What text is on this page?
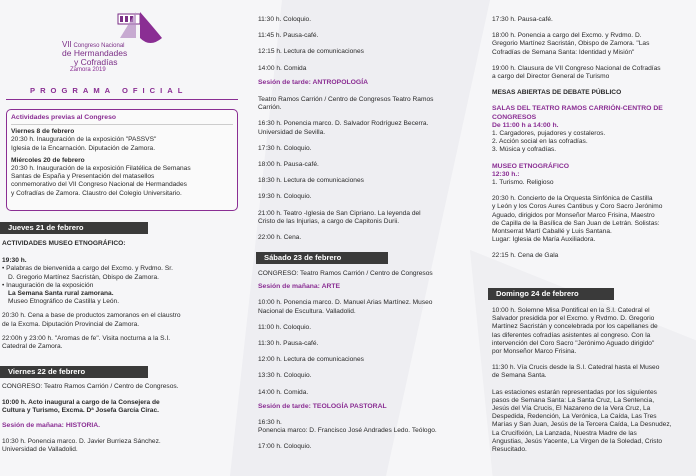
VII Congreso Nacional
de Hermandades
y Cofradías
Zamora 2019
PROGRAMA OFICIAL

Actividades previas al Congreso

Viernes 8 de febrero

20:30 h. Inauguración de la exposición "PASSVS"

Iglesia de la Encarnación. Diputación de Zamora.

Miércoles 20 de febrero

20:30 h. Inauguración de la exposición Filatélica de Semanas

Santas de España y Presentación del matasellos

conmemorativo del VII Congreso Nacional de Hermandades

y Cofradías de Zamora. Claustro del Colegio Universitario.

Jueves 21 de febrero

ACTIVIDADES MUSEO ETNOGRÁFICO:

19:30 h.

• Palabras de bienvenida a cargo del Excmo. y Rvdmo. Sr.

D. Gregorio Martínez Sacristán, Obispo de Zamora.

• Inauguración de la exposición

La Semana Santa rural zamorana.

Museo Etnográfico de Castilla y León.

20:30 h. Cena a base de productos zamoranos en el claustro

de la Excma. Diputación Provincial de Zamora.

22:00h y 23:00 h. "Aromas de fe". Visita nocturna a la S.I.

Catedral de Zamora.

Viernes 22 de febrero

CONGRESO: Teatro Ramos Carrión / Centro de Congresos.

10:00 h. Acto inaugural a cargo de la Consejera de

Cultura y Turismo, Excma. Dª Josefa García Cirac.

Sesión de mañana: HISTORIA.

10:30 h. Ponencia marco. D. Javier Burrieza Sánchez.

Universidad de Valladolid.

11:30 h. Coloquio.

11:45 h. Pausa-café.

12:15 h. Lectura de comunicaciones

14:00 h. Comida

Sesión de tarde: ANTROPOLOGÍA

Teatro Ramos Carrión / Centro de Congresos Teatro Ramos

Carrión.

16:30 h. Ponencia marco. D. Salvador Rodríguez Becerra.

Universidad de Sevilla.

17:30 h. Coloquio.

18:00 h. Pausa-café.

18:30 h. Lectura de comunicaciones

19:30 h. Coloquio.

21:00 h. Teatro -Iglesia de San Cipriano. La leyenda del

Cristo de las Injurias, a cargo de Capitonis Durii.

22:00 h. Cena.

Sábado 23 de febrero

CONGRESO: Teatro Ramos Carrión / Centro de Congresos

Sesión de mañana: ARTE

10:00 h. Ponencia marco. D. Manuel Arias Martínez. Museo

Nacional de Escultura. Valladolid.

11:00 h. Coloquio.

11:30 h. Pausa-café.

12:00 h. Lectura de comunicaciones

13:30 h. Coloquio.

14:00 h. Comida.

Sesión de tarde: TEOLOGÍA PASTORAL

16:30 h.

Ponencia marco: D. Francisco José Andrades Ledo. Teólogo.

17:00 h. Coloquio.

17:30 h. Pausa-café.

18:00 h. Ponencia a cargo del Excmo. y Rvdmo. D.

Gregorio Martínez Sacristán, Obispo de Zamora. "Las

Cofradías de Semana Santa: Identidad y Misión"

19:00 h. Clausura de VII Congreso Nacional de Cofradías

a cargo del Director General de Turismo

MESAS ABIERTAS DE DEBATE PÚBLICO

SALAS DEL TEATRO RAMOS CARRIÓN-CENTRO DE

CONGRESOS

De 11:00 h a 14:00 h.

1. Cargadores, pujadores y costaleros.

2. Acción social en las cofradías.

3. Música y cofradías.

MUSEO ETNOGRÁFICO

12:30 h.:

1. Turismo. Religioso

20:30 h. Concierto de la Orquesta Sinfónica de Castilla

y León y los Coros Aures Cantibus y Coro Sacro Jerónimo

Aguado, dirigidos por Monseñor Marco Frisina, Maestro

de Capilla de la Basílica de San Juan de Letrán. Solistas:

Montserrat Martí Caballé y Luis Santana.

Lugar: Iglesia de María Auxiliadora.

22:15 h. Cena de Gala

Domingo 24 de febrero

10:00 h. Solemne Misa Pontifical en la S.I. Catedral el

Salvador presidida por el Excmo. y Rvdmo. D. Gregorio

Martínez Sacristán y concelebrada por los capellanes de

las diferentes cofradías asistentes al congreso. Con la

intervención del Coro Sacro "Jerónimo Aguado dirigido"

por Monseñor Marco Frisina.

11:30 h. Vía Crucis desde la S.I. Catedral hasta el Museo

de Semana Santa.

Las estaciones estarán representadas por los siguientes

pasos de Semana Santa: La Santa Cruz, La Sentencia,

Jesús del Vía Crucis, El Nazareno de la Vera Cruz, La

Despedida, Redención, La Verónica, La Caída, Las Tres

Marías y San Juan, Jesús de la Tercera Caída, La Desnudez,

La Crucifixión, La Lanzada, Nuestra Madre de las

Angustias, Jesús Yacente, La Virgen de la Soledad, Cristo

Resucitado.
